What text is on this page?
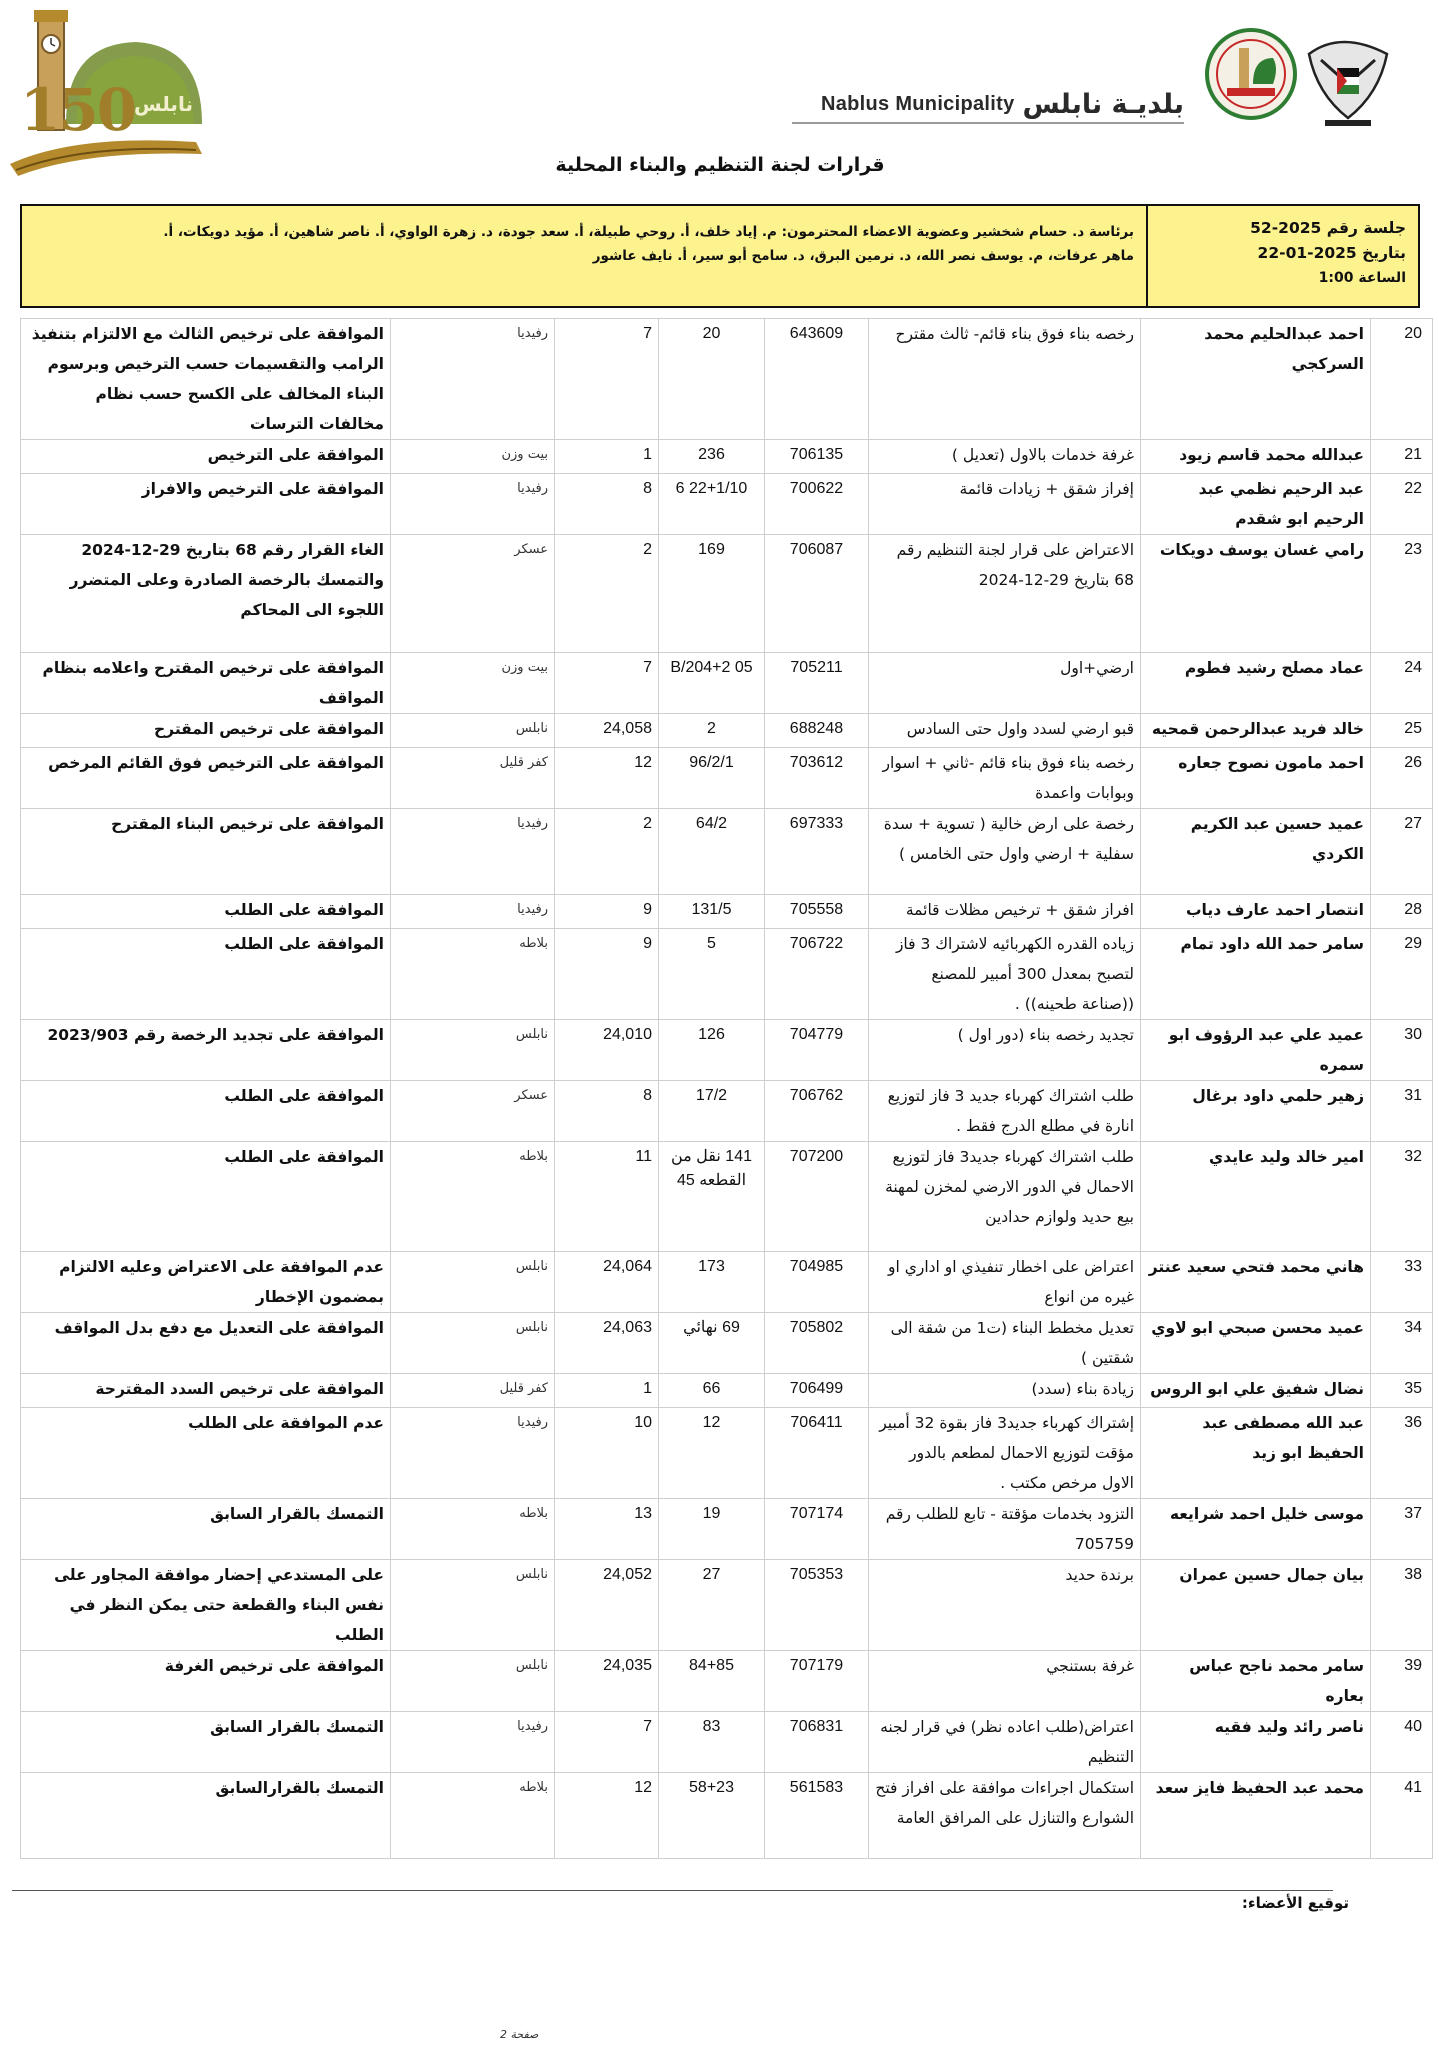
150
نابلس	Nablus Municipality بلديـة نابلس
قرارات لجنة التنظيم والبناء المحلية
جلسة رقم 2025-52
بتاريخ 2025-01-22
الساعة 1:00
برئاسة د. حسام شخشير وعضوية الاعضاء المحترمون: م. إياد خلف، أ. روحي طبيلة، أ. سعد جودة، د. زهرة الواوي، أ. ناصر شاهين، أ. مؤيد دويكات، أ.
ماهر عرفات، م. يوسف نصر الله، د. نرمين البرق، د. سامح أبو سير، أ. نايف عاشور
20	احمد عبدالحليم محمد السركجي	رخصه بناء فوق بناء قائم- ثالث مقترح	643609	20	7	رفيديا	الموافقة على ترخيص الثالث مع الالتزام بتنفيذ الرامب والتقسيمات حسب الترخيص وبرسوم البناء المخالف على الكسح حسب نظام مخالفات الترسات
21	عبدالله محمد قاسم زيود	غرفة خدمات بالاول (تعديل )	706135	236	1	بيت وزن	الموافقة على الترخيص
22	عبد الرحيم نظمي عبد الرحيم ابو شقدم	إفراز شقق + زيادات قائمة	700622	22+1/10 6	8	رفيديا	الموافقة على الترخيص والافراز
23	رامي غسان يوسف دويكات	الاعتراض على قرار لجنة التنظيم رقم 68 بتاريخ 29-12-2024	706087	169	2	عسكر	الغاء القرار رقم 68 بتاريخ 29-12-2024 والتمسك بالرخصة الصادرة وعلى المتضرر اللجوء الى المحاكم
24	عماد مصلح رشيد فطوم	ارضي+اول	705211	B/204+2 05	7	بيت وزن	الموافقة على ترخيص المقترح واعلامه بنظام المواقف
25	خالد فريد عبدالرحمن قمحيه	قبو ارضي لسدد واول حتى السادس	688248	2	24,058	نابلس	الموافقة على ترخيص المقترح
26	احمد مامون نصوح جعاره	رخصه بناء فوق بناء قائم -ثاني + اسوار وبوابات واعمدة	703612	96/2/1	12	كفر قليل	الموافقة على الترخيص فوق القائم المرخص
27	عميد حسين عبد الكريم الكردي	رخصة على ارض خالية ( تسوية + سدة سفلية + ارضي واول حتى الخامس )	697333	64/2	2	رفيديا	الموافقة على ترخيص البناء المقترح
28	انتصار احمد عارف دياب	افراز شقق + ترخيص مظلات قائمة	705558	131/5	9	رفيديا	الموافقة على الطلب
29	سامر حمد الله داود تمام	زياده القدره الكهربائيه لاشتراك 3 فاز لتصبح بمعدل 300 أمبير للمصنع ((صناعة طحينه)) .	706722	5	9	بلاطه	الموافقة على الطلب
30	عميد علي عبد الرؤوف ابو سمره	تجديد رخصه بناء (دور اول )	704779	126	24,010	نابلس	الموافقة على تجديد الرخصة رقم 2023/903
31	زهير حلمي داود برغال	طلب اشتراك كهرباء جديد 3 فاز لتوزيع انارة في مطلع الدرج فقط .	706762	17/2	8	عسكر	الموافقة على الطلب
32	امير خالد وليد عايدي	طلب اشتراك كهرباء جديد3 فاز لتوزيع الاحمال في الدور الارضي لمخزن لمهنة بيع حديد ولوازم حدادين	707200	141 نقل من القطعه 45	11	بلاطه	الموافقة على الطلب
33	هاني محمد فتحي سعيد عنتر	اعتراض على اخطار تنفيذي او اداري او غيره من انواع	704985	173	24,064	نابلس	عدم الموافقة على الاعتراض وعليه الالتزام بمضمون الإخطار
34	عميد محسن صبحي ابو لاوي	تعديل مخطط البناء (ت1 من شقة الى شقتين )	705802	69 نهائي	24,063	نابلس	الموافقة على التعديل مع دفع بدل المواقف
35	نضال شفيق علي ابو الروس	زيادة بناء (سدد)	706499	66	1	كفر قليل	الموافقة على ترخيص السدد المقترحة
36	عبد الله مصطفى عبد الحفيظ ابو زيد	إشتراك كهرباء جديد3 فاز بقوة 32 أمبير مؤقت لتوزيع الاحمال لمطعم بالدور الاول مرخص مكتب .	706411	12	10	رفيديا	عدم الموافقة على الطلب
37	موسى خليل احمد شرايعه	التزود بخدمات مؤقتة - تابع للطلب رقم 705759	707174	19	13	بلاطه	التمسك بالقرار السابق
38	بيان جمال حسين عمران	برندة حديد	705353	27	24,052	نابلس	على المستدعي إحضار موافقة المجاور على نفس البناء والقطعة حتى يمكن النظر في الطلب
39	سامر محمد ناجح عباس بعاره	غرفة بستنجي	707179	84+85	24,035	نابلس	الموافقة على ترخيص الغرفة
40	ناصر رائد وليد فقيه	اعتراض(طلب اعاده نظر) في قرار لجنه التنظيم	706831	83	7	رفيديا	التمسك بالقرار السابق
41	محمد عبد الحفيظ فايز سعد	استكمال اجراءات موافقة على افراز فتح الشوارع والتنازل على المرافق العامة	561583	58+23	12	بلاطه	التمسك بالقرارالسابق
توقيع الأعضاء:
صفحة 2
